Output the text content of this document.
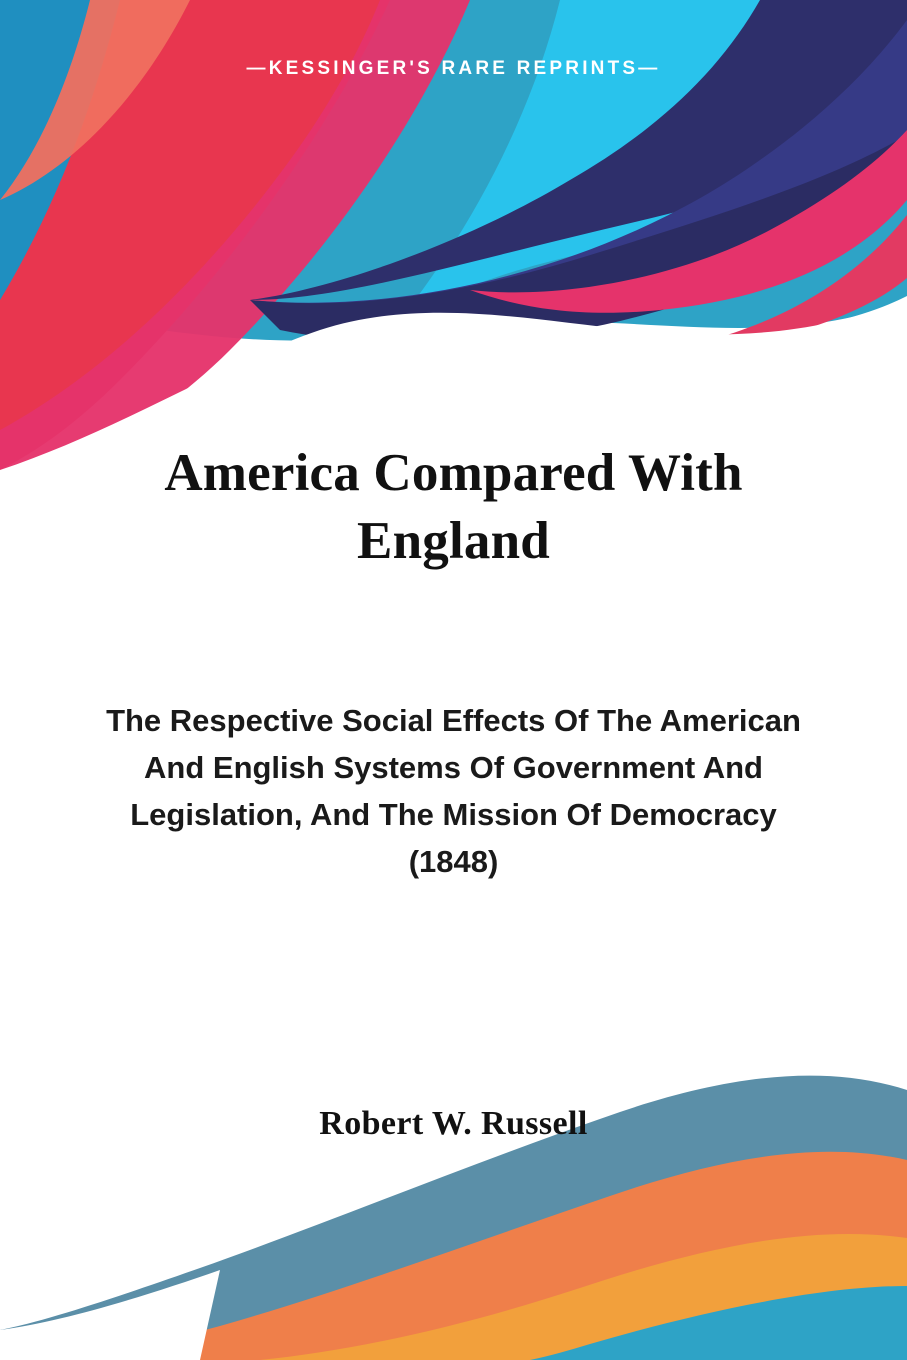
—KESSINGER'S RARE REPRINTS—
America Compared With England

The Respective Social Effects Of The American And English Systems Of Government And Legislation, And The Mission Of Democracy (1848)

Robert W. Russell
